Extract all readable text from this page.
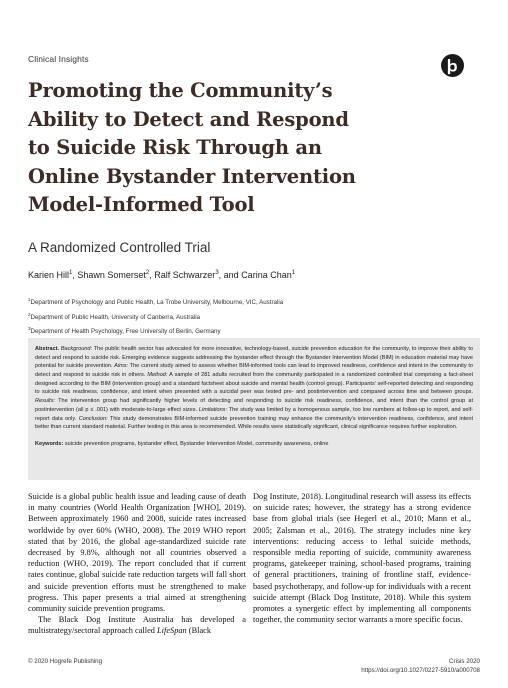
Clinical Insights
Promoting the Community’s
Ability to Detect and Respond
to Suicide Risk Through an
Online Bystander Intervention
Model-Informed Tool
A Randomized Controlled Trial
Karien Hill$^1$, Shawn Somerset$^2$, Ralf Schwarzer$^3$, and Carina Chan$^1$
$^1$Department of Psychology and Public Health, La Trobe University, Melbourne, VIC, Australia
$^2$Department of Public Health, University of Canberra, Australia
$^3$Department of Health Psychology, Free University of Berlin, Germany
Abstract. Background: The public health sector has advocated for more innovative, technology-based, suicide prevention education for the community, to improve their ability to detect and respond to suicide risk. Emerging evidence suggests addressing the bystander effect through the Bystander Intervention Model (BIM) in education material may have potential for suicide prevention. Aims: The current study aimed to assess whether BIM-informed tools can lead to improved readiness, confidence and intent in the community to detect and respond to suicide risk in others. Method: A sample of 281 adults recruited from the community participated in a randomized controlled trial comprising a fact-sheet designed according to the BIM (intervention group) and a standard factsheet about suicide and mental health (control group). Participants' self-reported detecting and responding to suicide risk readiness, confidence, and intent when presented with a suicidal peer was tested pre- and postintervention and compared across time and between groups. Results: The intervention group had significantly higher levels of detecting and responding to suicide risk readiness, confidence, and intent than the control group at postintervention (all p ≤ .001) with moderate-to-large effect sizes. Limitations: The study was limited by a homogenous sample, too low numbers at follow-up to report, and self-report data only. Conclusion: This study demonstrates BIM-informed suicide prevention training may enhance the community's intervention readiness, confidence, and intent better than current standard material. Further testing in this area is recommended. While results were statistically significant, clinical significance requires further exploration.
Keywords: suicide prevention programs, bystander effect, Bystander Intervention Model, community awareness, online

Suicide is a global public health issue and leading cause of death in many countries (World Health Organization [WHO], 2019). Between approximately 1960 and 2008, suicide rates increased worldwide by over 60% (WHO, 2008). The 2019 WHO report stated that by 2016, the global age-standardized suicide rate decreased by 9.8%, although not all countries observed a reduction (WHO, 2019). The report concluded that if current rates continue, global suicide rate reduction targets will fall short and suicide prevention efforts must be strengthened to make progress. This paper presents a trial aimed at strengthening community suicide prevention programs.

The Black Dog Institute Australia has developed a multistrategy/sectoral approach called LifeSpan (Black

Dog Institute, 2018). Longitudinal research will assess its effects on suicide rates; however, the strategy has a strong evidence base from global trials (see Hegerl et al., 2010; Mann et al., 2005; Zalsman et al., 2016). The strategy includes nine key interventions: reducing access to lethal suicide methods, responsible media reporting of suicide, community awareness programs, gatekeeper training, school-based programs, training of general practitioners, training of frontline staff, evidence-based psychotherapy, and follow-up for individuals with a recent suicide attempt (Black Dog Institute, 2018). While this system promotes a synergetic effect by implementing all components together, the community sector warrants a more specific focus.

© 2020 Hogrefe Publishing	Crisis 2020
https://doi.org/10.1027/0227-5910/a000708
